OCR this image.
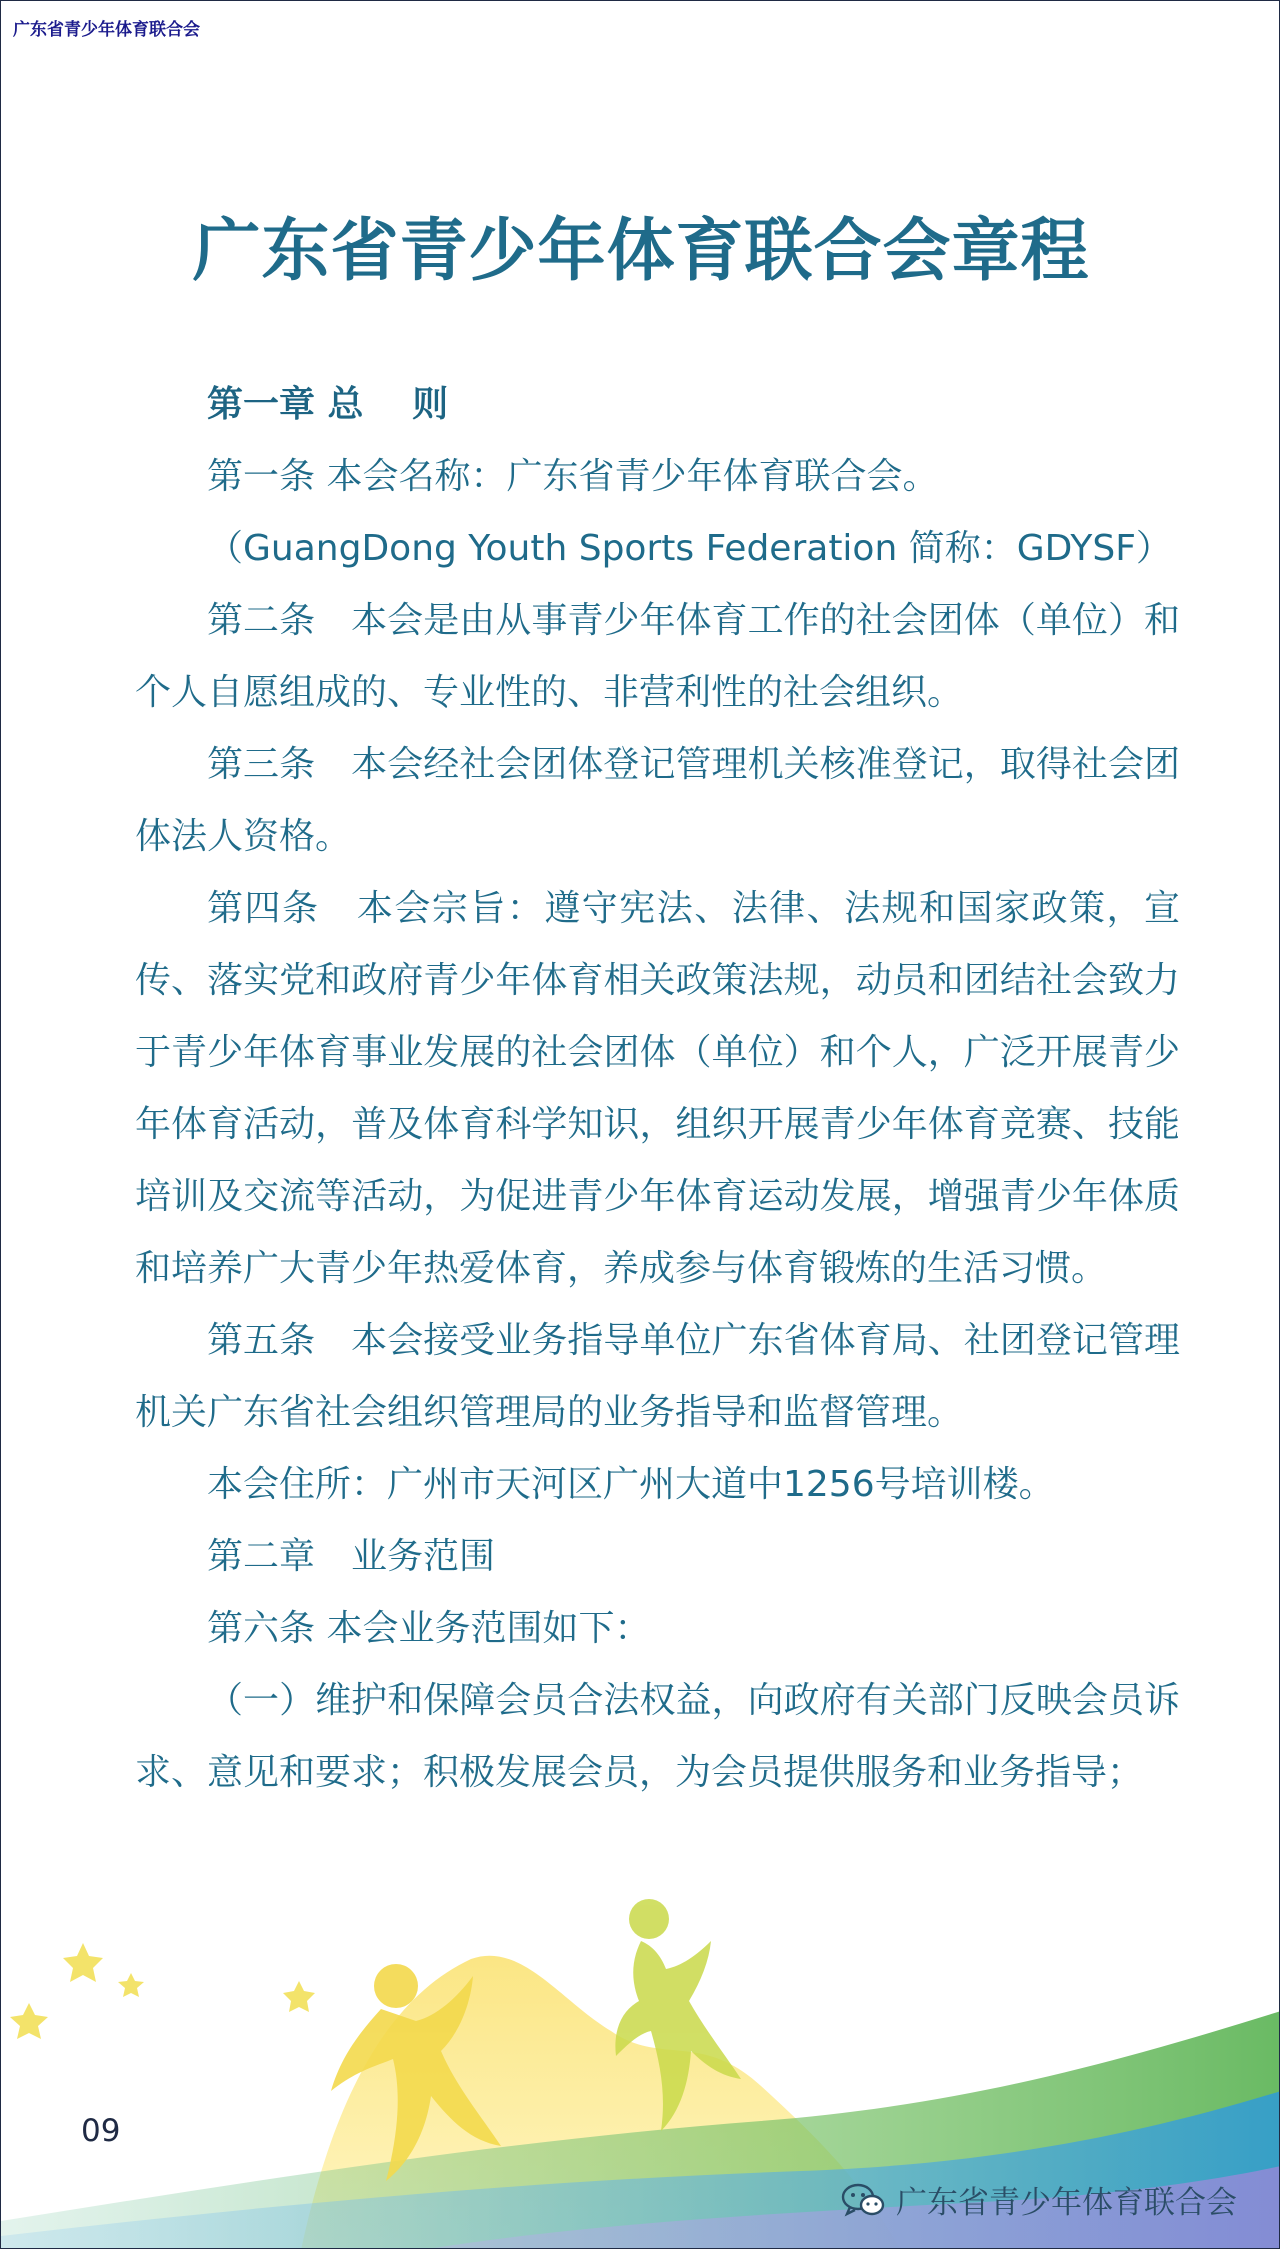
广东省青少年体育联合会
广东省青少年体育联合会章程

第一章 总　 则

第一条 本会名称：广东省青少年体育联合会。

（GuangDong Youth Sports Federation 简称：GDYSF）

第二条　本会是由从事青少年体育工作的社会团体（单位）和个人自愿组成的、专业性的、非营利性的社会组织。

第三条　本会经社会团体登记管理机关核准登记，取得社会团体法人资格。

第四条　本会宗旨：遵守宪法、法律、法规和国家政策，宣传、落实党和政府青少年体育相关政策法规，动员和团结社会致力于青少年体育事业发展的社会团体（单位）和个人，广泛开展青少年体育活动，普及体育科学知识，组织开展青少年体育竞赛、技能培训及交流等活动，为促进青少年体育运动发展，增强青少年体质和培养广大青少年热爱体育，养成参与体育锻炼的生活习惯。

第五条　本会接受业务指导单位广东省体育局、社团登记管理机关广东省社会组织管理局的业务指导和监督管理。

本会住所：广州市天河区广州大道中1256号培训楼。

第二章　业务范围

第六条 本会业务范围如下：

（一）维护和保障会员合法权益，向政府有关部门反映会员诉求、意见和要求；积极发展会员，为会员提供服务和业务指导；

09
广东省青少年体育联合会
